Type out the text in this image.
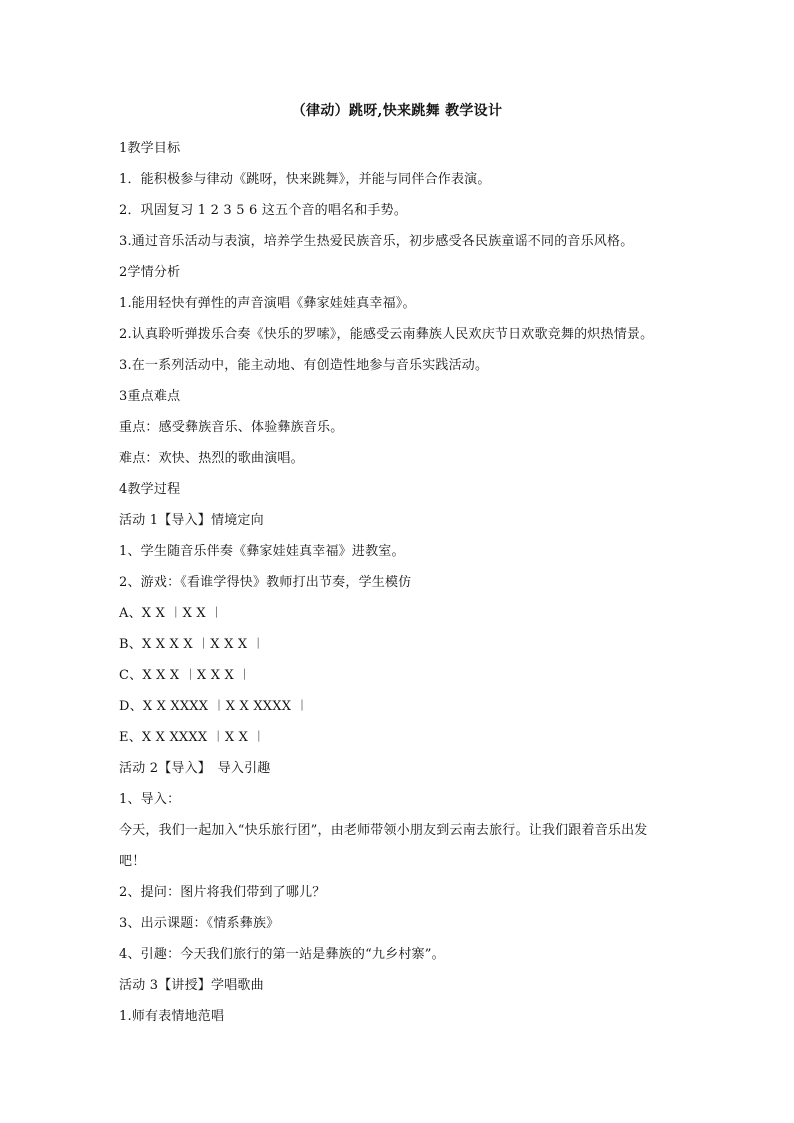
（律动）跳呀,快来跳舞 教学设计
1教学目标
1．能积极参与律动《跳呀，快来跳舞》，并能与同伴合作表演。
2．巩固复习 1 2 3 5 6 这五个音的唱名和手势。
3.通过音乐活动与表演，培养学生热爱民族音乐，初步感受各民族童谣不同的音乐风格。
2学情分析
1.能用轻快有弹性的声音演唱《彝家娃娃真幸福》。
2.认真聆听弹拨乐合奏《快乐的罗嗦》，能感受云南彝族人民欢庆节日欢歌竞舞的炽热情景。
3.在一系列活动中，能主动地、有创造性地参与音乐实践活动。
3重点难点
重点：感受彝族音乐、体验彝族音乐。
难点：欢快、热烈的歌曲演唱。
4教学过程
活动 1【导入】情境定向
1、学生随音乐伴奏《彝家娃娃真幸福》进教室。
2、游戏：《看谁学得快》教师打出节奏，学生模仿
A、X X ︱X X ︱
B、X X X X ︱X X X ︱
C、X X X ︱X X X ︱
D、X X XXXX ︱X X XXXX ︱
E、X X XXXX ︱X X ︱
活动 2【导入】　导入引趣
1、导入：
今天，我们一起加入“快乐旅行团”，由老师带领小朋友到云南去旅行。让我们跟着音乐出发
吧！
2、提问：图片将我们带到了哪儿？
3、出示课题：《情系彝族》
4、引趣：今天我们旅行的第一站是彝族的“九乡村寨”。
活动 3【讲授】学唱歌曲
1.师有表情地范唱
